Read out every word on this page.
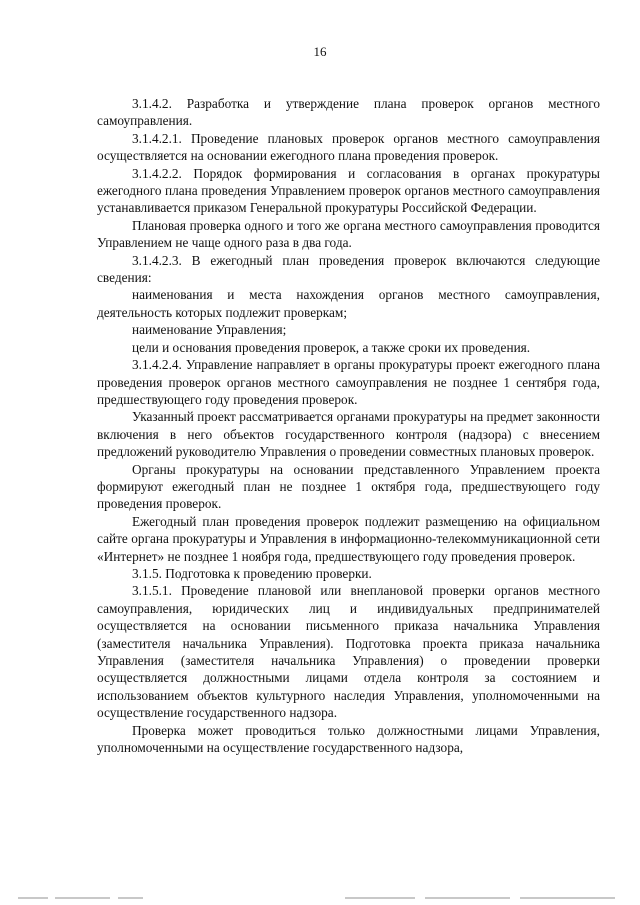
16

3.1.4.2. Разработка и утверждение плана проверок органов местного самоуправления.

3.1.4.2.1. Проведение плановых проверок органов местного самоуправления осуществляется на основании ежегодного плана проведения проверок.

3.1.4.2.2. Порядок формирования и согласования в органах прокуратуры ежегодного плана проведения Управлением проверок органов местного самоуправления устанавливается приказом Генеральной прокуратуры Российской Федерации.

Плановая проверка одного и того же органа местного самоуправления проводится Управлением не чаще одного раза в два года.

3.1.4.2.3. В ежегодный план проведения проверок включаются следующие сведения:

наименования и места нахождения органов местного самоуправления, деятельность которых подлежит проверкам;

наименование Управления;

цели и основания проведения проверок, а также сроки их проведения.

3.1.4.2.4. Управление направляет в органы прокуратуры проект ежегодного плана проведения проверок органов местного самоуправления не позднее 1 сентября года, предшествующего году проведения проверок.

Указанный проект рассматривается органами прокуратуры на предмет законности включения в него объектов государственного контроля (надзора) с внесением предложений руководителю Управления о проведении совместных плановых проверок.

Органы прокуратуры на основании представленного Управлением проекта формируют ежегодный план не позднее 1 октября года, предшествующего году проведения проверок.

Ежегодный план проведения проверок подлежит размещению на официальном сайте органа прокуратуры и Управления в информационно-телекоммуникационной сети «Интернет» не позднее 1 ноября года, предшествующего году проведения проверок.

3.1.5. Подготовка к проведению проверки.

3.1.5.1. Проведение плановой или внеплановой проверки органов местного самоуправления, юридических лиц и индивидуальных предпринимателей осуществляется на основании письменного приказа начальника Управления (заместителя начальника Управления). Подготовка проекта приказа начальника Управления (заместителя начальника Управления) о проведении проверки осуществляется должностными лицами отдела контроля за состоянием и использованием объектов культурного наследия Управления, уполномоченными на осуществление государственного надзора.

Проверка может проводиться только должностными лицами Управления, уполномоченными на осуществление государственного надзора,
